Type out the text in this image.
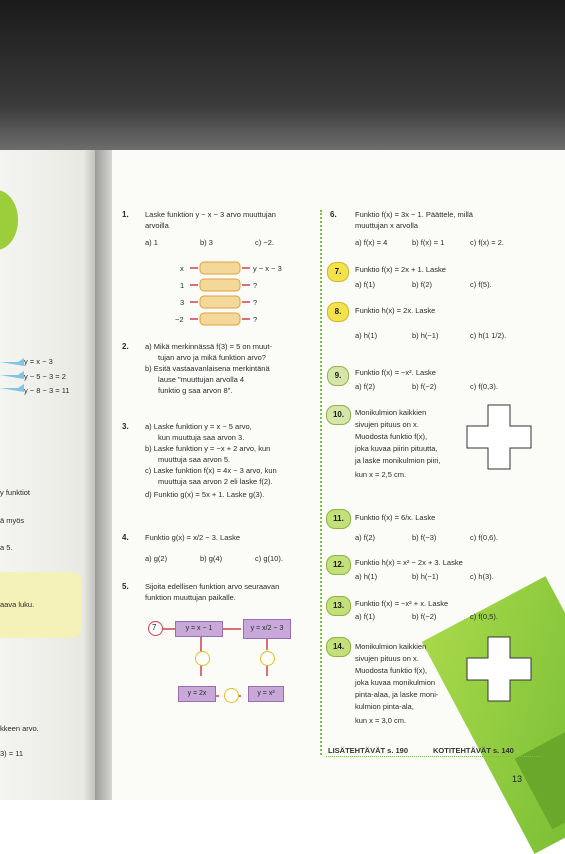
y = x − 3
y − 5 − 3 = 2
y − 8 − 3 = 11
y funktiot
ä myös
a 5.
aava luku.
kkeen arvo.
3) = 11
1. Laske funktion y − x − 3 arvo muuttujan
arvoilla
a) 1	b) 3	c) −2.
x
1
3
−2
y − x − 3
?
?
?
2. a) Mikä merkinnässä f(3) = 5 on muut-
tujan arvo ja mikä funktion arvo?
b) Esitä vastaavanlaisena merkintänä
lause "muuttujan arvolla 4
funktio g saa arvon 8".
3. a) Laske funktion y = x − 5 arvo,
kun muuttuja saa arvon 3.
b) Laske funktion y = −x + 2 arvo, kun
muuttuja saa arvon 5.
c) Laske funktion f(x) = 4x − 3 arvo, kun
muuttuja saa arvon 2 eli laske f(2).
d) Funktio g(x) = 5x + 1. Laske g(3).
4. Funktio g(x) = x/2 − 3. Laske
a) g(2)	b) g(4)	c) g(10).
5. Sijoita edellisen funktion arvo seuraavan
funktion muuttujan paikalle.
7	y = x − 1	y = x/2 − 3
y = 2x	y = x²
6. Funktio f(x) = 3x − 1. Päättele, millä
muuttujan x arvolla
a) f(x) = 4	b) f(x) = 1	c) f(x) = 2.
7.	Funktio f(x) = 2x + 1. Laske
a) f(1)	b) f(2)	c) f(5).
8.	Funktio h(x) = 2x. Laske
a) h(1)	b) h(−1)	c) h(1 1/2).
9.	Funktio f(x) = −x². Laske
a) f(2)	b) f(−2)	c) f(0,3).
10.	Monikulmion kaikkien
sivujen pituus on x.
Muodosta funktio f(x),
joka kuvaa piirin pituutta,
ja laske monikulmion piiri,
kun x = 2,5 cm.
11.	Funktio f(x) = 6/x. Laske
a) f(2)	b) f(−3)	c) f(0,6).
12.	Funktio h(x) = x² − 2x + 3. Laske
a) h(1)	b) h(−1)	c) h(3).
13.	Funktio f(x) = −x² + x. Laske
a) f(1)	b) f(−2)	c) f(0,5).
14.	Monikulmion kaikkien
sivujen pituus on x.
Muodosta funktio f(x),
joka kuvaa monikulmion
pinta-alaa, ja laske moni-
kulmion pinta-ala,
kun x = 3,0 cm.
LISÄTEHTÄVÄT s. 190	KOTITEHTÄVÄT s. 140
13
